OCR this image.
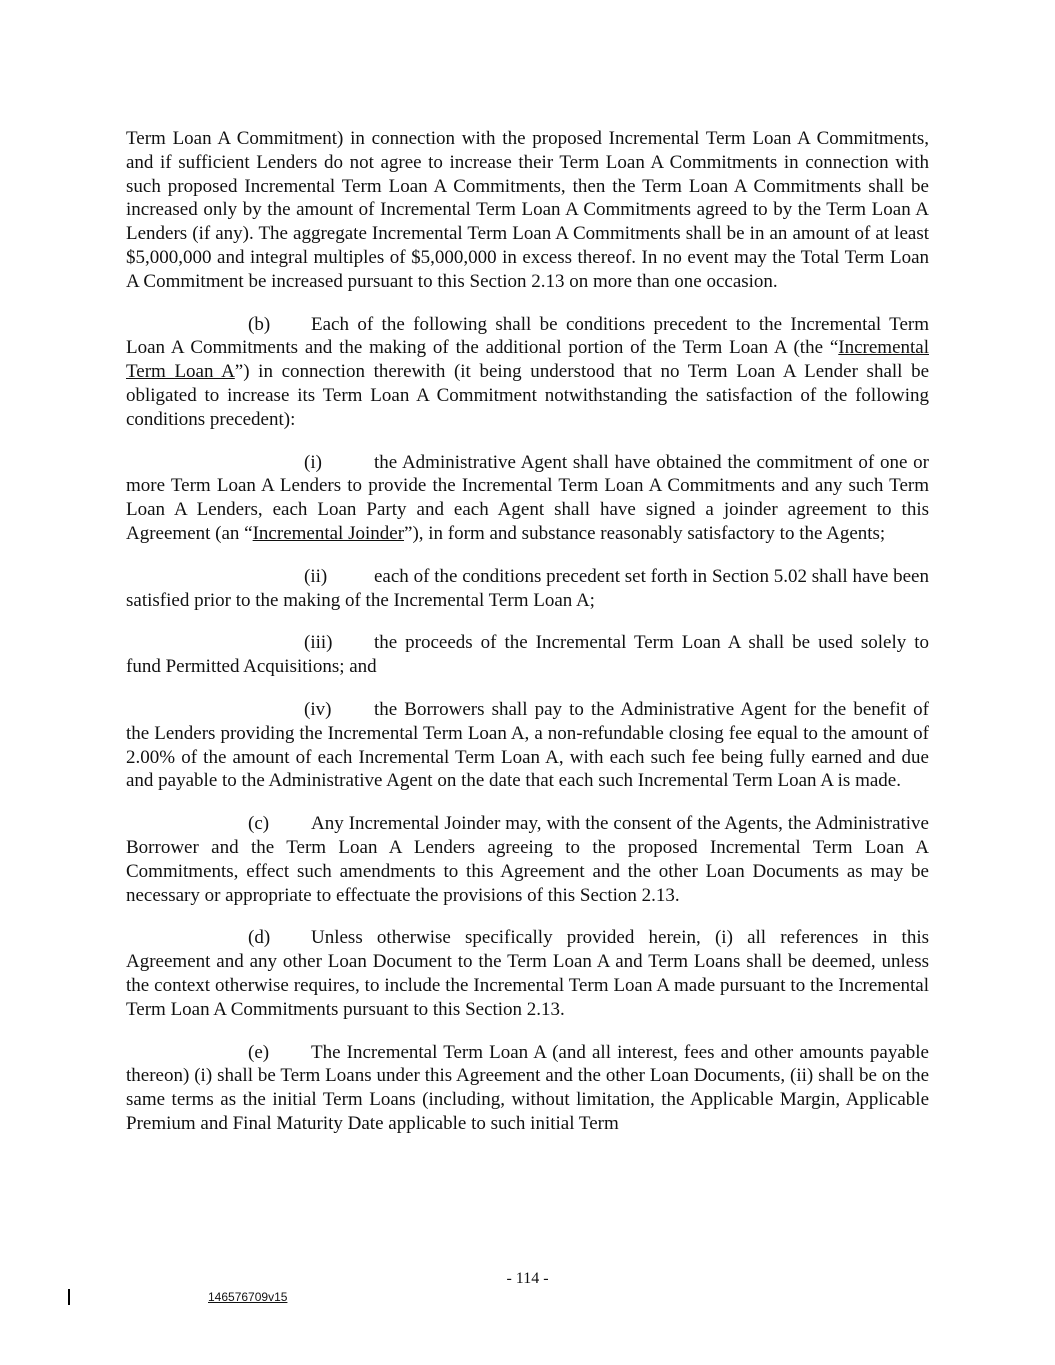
Term Loan A Commitment) in connection with the proposed Incremental Term Loan A Commitments, and if sufficient Lenders do not agree to increase their Term Loan A Commitments in connection with such proposed Incremental Term Loan A Commitments, then the Term Loan A Commitments shall be increased only by the amount of Incremental Term Loan A Commitments agreed to by the Term Loan A Lenders (if any). The aggregate Incremental Term Loan A Commitments shall be in an amount of at least $5,000,000 and integral multiples of $5,000,000 in excess thereof. In no event may the Total Term Loan A Commitment be increased pursuant to this Section 2.13 on more than one occasion.

(b) Each of the following shall be conditions precedent to the Incremental Term Loan A Commitments and the making of the additional portion of the Term Loan A (the “Incremental Term Loan A”) in connection therewith (it being understood that no Term Loan A Lender shall be obligated to increase its Term Loan A Commitment notwithstanding the satisfaction of the following conditions precedent):

(i)	the Administrative Agent shall have obtained the commitment of one or more Term Loan A Lenders to provide the Incremental Term Loan A Commitments and any such Term Loan A Lenders, each Loan Party and each Agent shall have signed a joinder agreement to this Agreement (an “Incremental Joinder”), in form and substance reasonably satisfactory to the Agents;

(ii) each of the conditions precedent set forth in Section 5.02 shall have been satisfied prior to the making of the Incremental Term Loan A;

(iii) the proceeds of the Incremental Term Loan A shall be used solely to fund Permitted Acquisitions; and

(iv) the Borrowers shall pay to the Administrative Agent for the benefit of the Lenders providing the Incremental Term Loan A, a non-refundable closing fee equal to the amount of 2.00% of the amount of each Incremental Term Loan A, with each such fee being fully earned and due and payable to the Administrative Agent on the date that each such Incremental Term Loan A is made.

(c) Any Incremental Joinder may, with the consent of the Agents, the Administrative Borrower and the Term Loan A Lenders agreeing to the proposed Incremental Term Loan A Commitments, effect such amendments to this Agreement and the other Loan Documents as may be necessary or appropriate to effectuate the provisions of this Section 2.13.

(d) Unless otherwise specifically provided herein, (i) all references in this Agreement and any other Loan Document to the Term Loan A and Term Loans shall be deemed, unless the context otherwise requires, to include the Incremental Term Loan A made pursuant to the Incremental Term Loan A Commitments pursuant to this Section 2.13.

(e) The Incremental Term Loan A (and all interest, fees and other amounts payable thereon) (i) shall be Term Loans under this Agreement and the other Loan Documents, (ii) shall be on the same terms as the initial Term Loans (including, without limitation, the Applicable Margin, Applicable Premium and Final Maturity Date applicable to such initial Term

- 114 -
146576709v15
